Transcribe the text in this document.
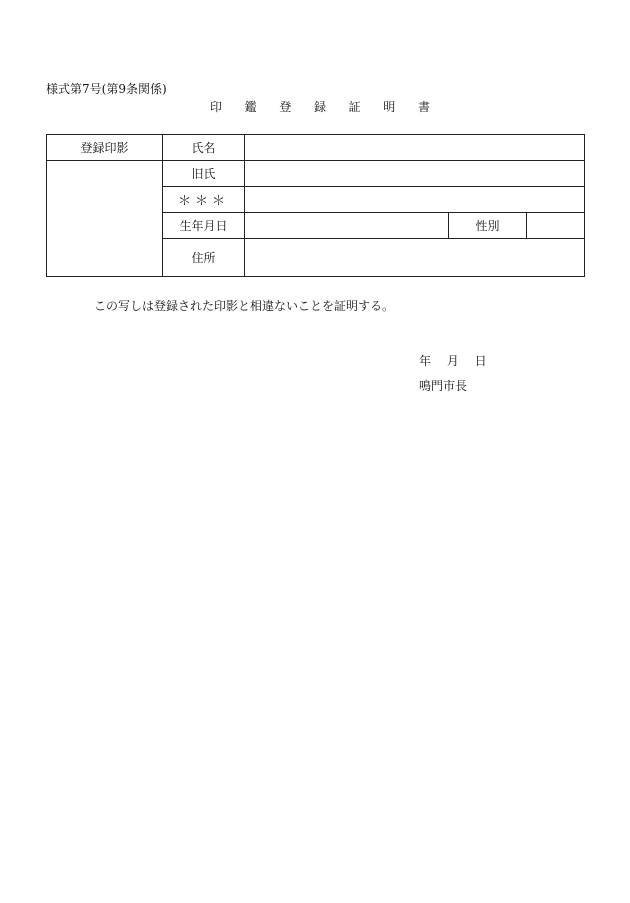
様式第7号(第9条関係)
印 鑑 登 録 証 明 書
登録印影	氏名			
	旧氏			
	＊＊＊			
	生年月日		性別	
	住所			
この写しは登録された印影と相違ないことを証明する。
年 月 日
鳴門市長
